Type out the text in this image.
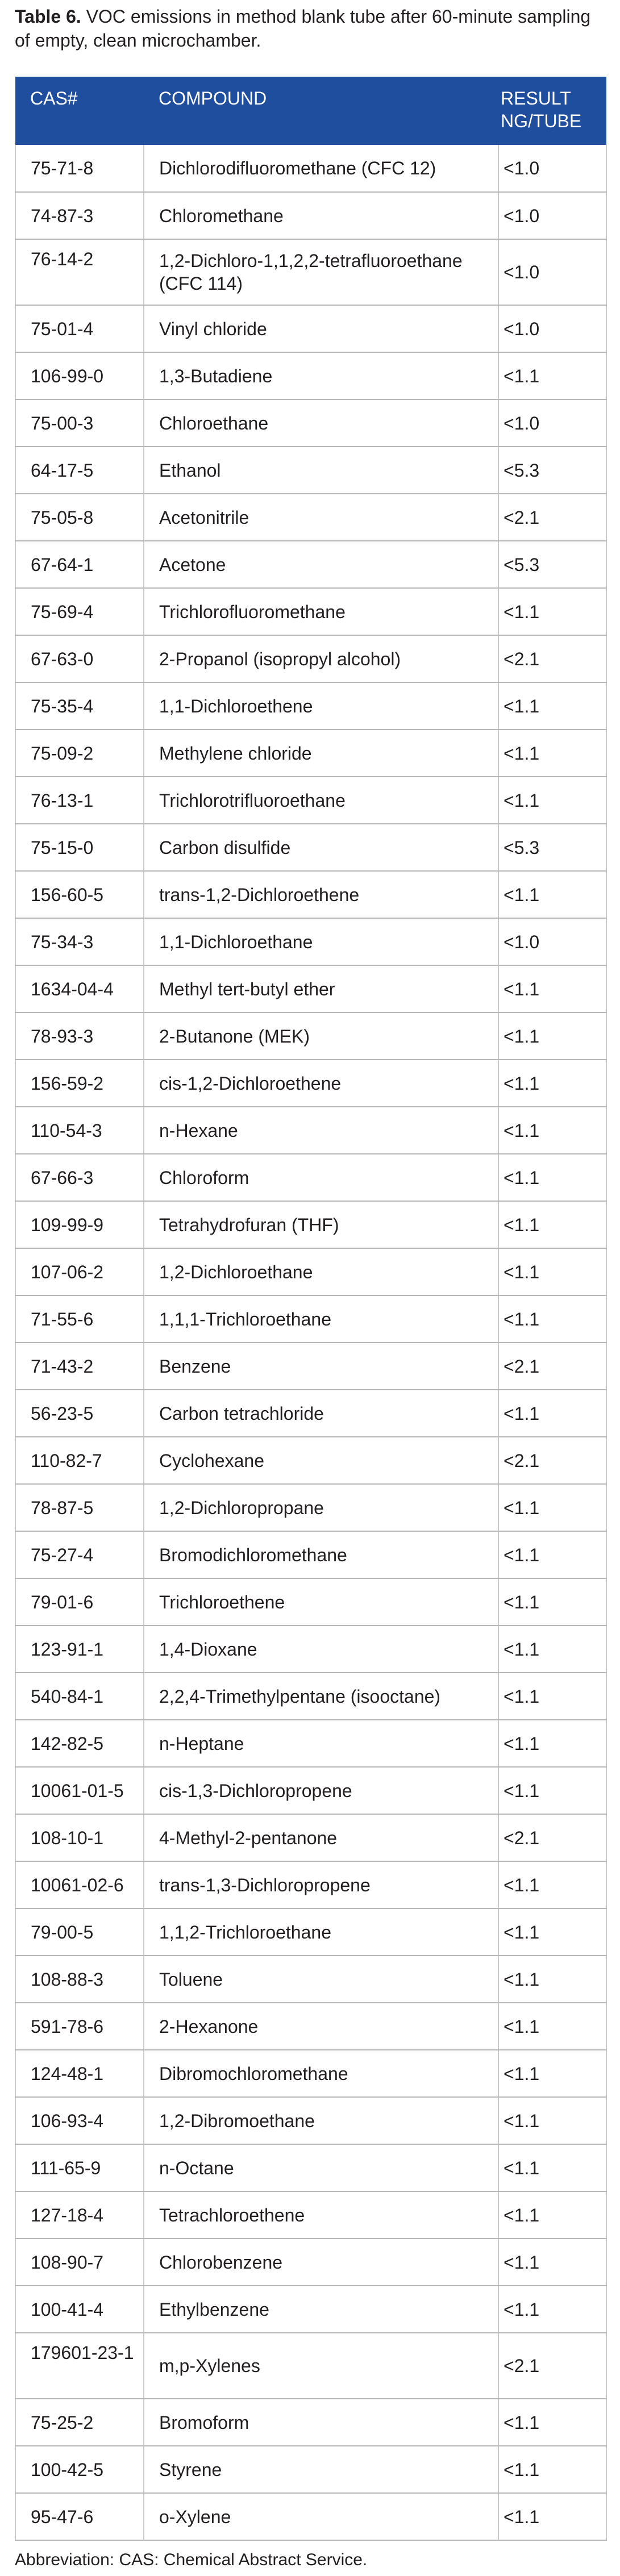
Table 6. VOC emissions in method blank tube after 60-minute sampling of empty, clean microchamber.
CAS#	COMPOUND	RESULT
NG/TUBE

75-71-8	Dichlorodifluoromethane (CFC 12)	<1.0
74-87-3	Chloromethane	<1.0
76-14-2	1,2-Dichloro-1,1,2,2-tetrafluoroethane (CFC 114)	<1.0
75-01-4	Vinyl chloride	<1.0
106-99-0	1,3-Butadiene	<1.1
75-00-3	Chloroethane	<1.0
64-17-5	Ethanol	<5.3
75-05-8	Acetonitrile	<2.1
67-64-1	Acetone	<5.3
75-69-4	Trichlorofluoromethane	<1.1
67-63-0	2-Propanol (isopropyl alcohol)	<2.1
75-35-4	1,1-Dichloroethene	<1.1
75-09-2	Methylene chloride	<1.1
76-13-1	Trichlorotrifluoroethane	<1.1
75-15-0	Carbon disulfide	<5.3
156-60-5	trans-1,2-Dichloroethene	<1.1
75-34-3	1,1-Dichloroethane	<1.0
1634-04-4	Methyl tert-butyl ether	<1.1
78-93-3	2-Butanone (MEK)	<1.1
156-59-2	cis-1,2-Dichloroethene	<1.1
110-54-3	n-Hexane	<1.1
67-66-3	Chloroform	<1.1
109-99-9	Tetrahydrofuran (THF)	<1.1
107-06-2	1,2-Dichloroethane	<1.1
71-55-6	1,1,1-Trichloroethane	<1.1
71-43-2	Benzene	<2.1
56-23-5	Carbon tetrachloride	<1.1
110-82-7	Cyclohexane	<2.1
78-87-5	1,2-Dichloropropane	<1.1
75-27-4	Bromodichloromethane	<1.1
79-01-6	Trichloroethene	<1.1
123-91-1	1,4-Dioxane	<1.1
540-84-1	2,2,4-Trimethylpentane (isooctane)	<1.1
142-82-5	n-Heptane	<1.1
10061-01-5	cis-1,3-Dichloropropene	<1.1
108-10-1	4-Methyl-2-pentanone	<2.1
10061-02-6	trans-1,3-Dichloropropene	<1.1
79-00-5	1,1,2-Trichloroethane	<1.1
108-88-3	Toluene	<1.1
591-78-6	2-Hexanone	<1.1
124-48-1	Dibromochloromethane	<1.1
106-93-4	1,2-Dibromoethane	<1.1
111-65-9	n-Octane	<1.1
127-18-4	Tetrachloroethene	<1.1
108-90-7	Chlorobenzene	<1.1
100-41-4	Ethylbenzene	<1.1
179601-23-1	m,p-Xylenes	<2.1
75-25-2	Bromoform	<1.1
100-42-5	Styrene	<1.1
95-47-6	o-Xylene	<1.1
Abbreviation: CAS: Chemical Abstract Service.
